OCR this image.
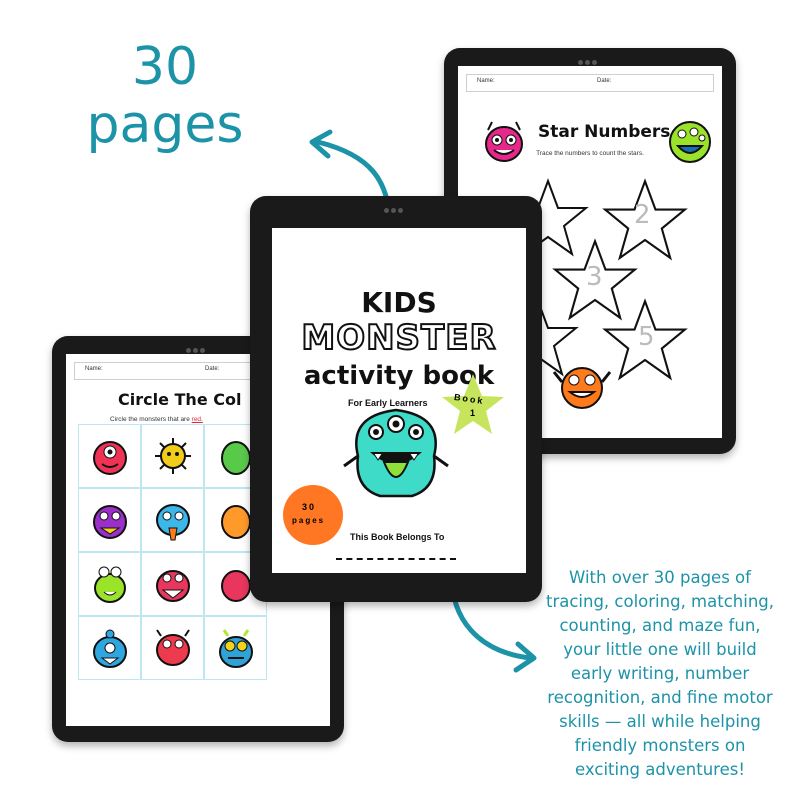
30
pages
With over 30 pages of tracing, coloring, matching, counting, and maze fun, your little one will build early writing, number recognition, and fine motor skills — all while helping friendly monsters on exciting adventures!
Name:	Date:
Star Numbers
Trace the numbers to count the stars.
2
3
5
Name:	Date:
Circle The Col
Circle the monsters that are red.
KIDS
MONSTER
activity book
For Early Learners	Book
1
30
pages
This Book Belongs To
